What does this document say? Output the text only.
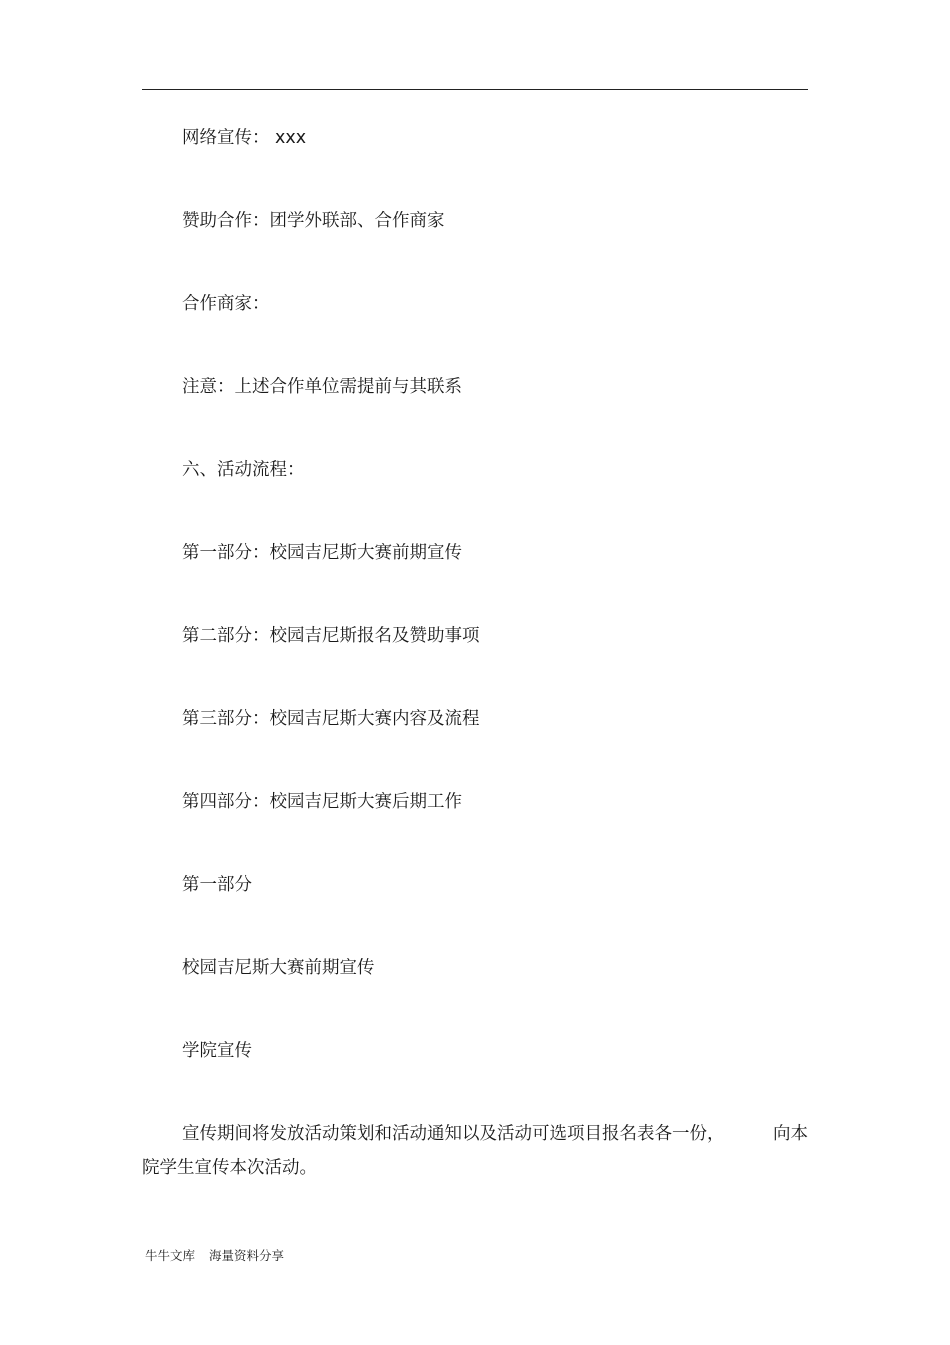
网络宣传： xxx
赞助合作：团学外联部、合作商家
合作商家：
注意：上述合作单位需提前与其联系
六、活动流程：
第一部分：校园吉尼斯大赛前期宣传
第二部分：校园吉尼斯报名及赞助事项
第三部分：校园吉尼斯大赛内容及流程
第四部分：校园吉尼斯大赛后期工作
第一部分
校园吉尼斯大赛前期宣传
学院宣传
宣传期间将发放活动策划和活动通知以及活动可选项目报名表各一份，	向本
院学生宣传本次活动。
牛牛文库 海量资料分享
